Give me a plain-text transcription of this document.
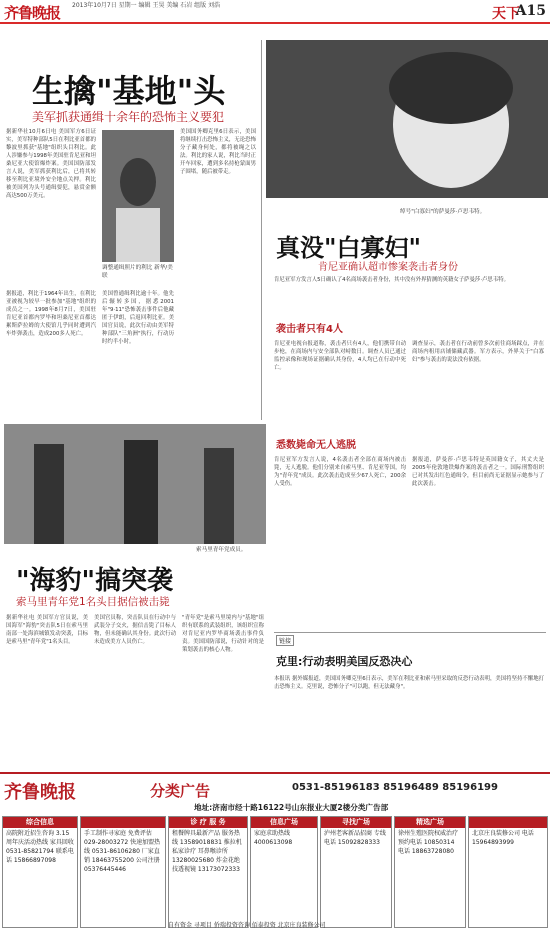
齐鲁晚报 2013年10月7日 星期一 编辑 王昊 美编 石岩 组版 刘浩
天下
A15
生擒"基地"头
美军抓获通缉十余年的恐怖主义要犯
据新华社10月6日电 美国军方6日证实，美军特种部队5日在利比亚首都的黎波里抓获"基地"组织头目利比。此人涉嫌参与1998年美国驻肯尼亚和坦桑尼亚大使馆爆炸案。美国国防部发言人说，美军抓获利比后，已将其转移至利比亚境外安全地点关押。利比被美国列为头号通缉要犯，悬赏金额高达500万美元。
据报道，利比于1964年出生，在利比亚被视为较早一批参加"基地"组织的成员之一。1998年8月7日，美国驻肯尼亚首都内罗毕和坦桑尼亚首都达累斯萨拉姆的大使馆几乎同时遭到汽车炸弹袭击，造成200多人死亡。
调整通缉照片的利比 新华/美联
美国曾通缉利比逾十年。他先后辗转多国，据悉2001年"9·11"恐怖袭击事件后他藏匿于伊朗，后返回利比亚。美国官员说，此次行动由美军特种部队"三角洲"执行，行动历时约半小时。
美国国务卿克里6日表示，美国将继续打击恐怖主义，无论恐怖分子藏身何处，都将被绳之以法。利比的家人说，利比当时正开车回家，遭到多名持枪蒙面男子围堵，随后被带走。
绰号"白寡妇"的萨曼莎·卢思韦特。
真没"白寡妇"
肯尼亚确认超市惨案袭击者身份
肯尼亚军方发言人5日确认了4名商场袭击者身份，其中没有外界猜测的英籍女子萨曼莎·卢思韦特。
袭击者只有4人
肯尼亚电视台报道称，袭击者只有4人，他们携带自动步枪，在商场内与安全部队对峙数日。调查人员已通过监控录像和现场证据确认其身份，4人均已在行动中死亡。
调查显示，袭击者在行动前曾多次前往商场踩点，并在商场内租用店铺储藏武器。军方表示，外界关于"白寡妇"参与袭击的说法没有依据。
悉数毙命无人逃脱
肯尼亚军方发言人说，4名袭击者全部在商场内被击毙，无人逃脱。他们分别来自索马里、肯尼亚等国，均为"青年党"成员。此次袭击造成至少67人死亡，200余人受伤。
据报道，萨曼莎·卢思韦特是英国籍女子，其丈夫是2005年伦敦地铁爆炸案的袭击者之一。国际刑警组织已对其发出红色通缉令，但目前尚无证据显示她参与了此次袭击。
索马里青年党成员。
"海豹"搞突袭
索马里青年党1名头目据信被击毙
据新华社电 美国军方官员说，美国海军"海豹"突击队5日在索马里南部一处海滨城镇发动突袭，目标是索马里"青年党"1名头目。
美国官员称，突击队员在行动中与武装分子交火，据信击毙了目标人物，但未能确认其身份。此次行动未造成美方人员伤亡。
"青年党"是索马里境内与"基地"组织有联系的武装组织，该组织宣称对肯尼亚内罗毕商场袭击事件负责。美国国防部说，行动针对的是策划袭击的核心人物。
链接
克里:行动表明美国反恐决心
本报讯 据外媒报道，美国国务卿克里6日表示，美军在利比亚和索马里采取的反恐行动表明，美国将坚持不懈地打击恐怖主义。克里说，恐怖分子"可以跑，但无法藏身"。
齐鲁晚报	分类广告	0531-85196183 85196489 85196199
地址:济南市经十路16122号山东报业大厦2楼分类广告部
综合信息
高院附近招生咨询 3.15周年庆活动热线 家具回收 0531-85821794 联系电话 15866897098
手工制作寻家庭 免费评估 029-28003272 快速加盟热线 0531-86106280 厂家直销 18463755200 公司注册 05376445446
诊 疗 服 务
租餐牌具最新产品 服务热线 13589018831 推拉机私家诊疗 耳鼻喉诊所 13280025680 炸金花绝技透视镜 13173072333
信息广场
家庭求助热线 4000613098
寻找广场
泸州老客新品招商 专线电话 15092828333
精选广场
徐州生殖医院权威治疗 预约电话 10850314 电话 18863728080
北京庄良装修公司 电话 15964893999
自有资金 寻项目 侨瑞投资咨询 佰泰投资 北京庄良装修公司
